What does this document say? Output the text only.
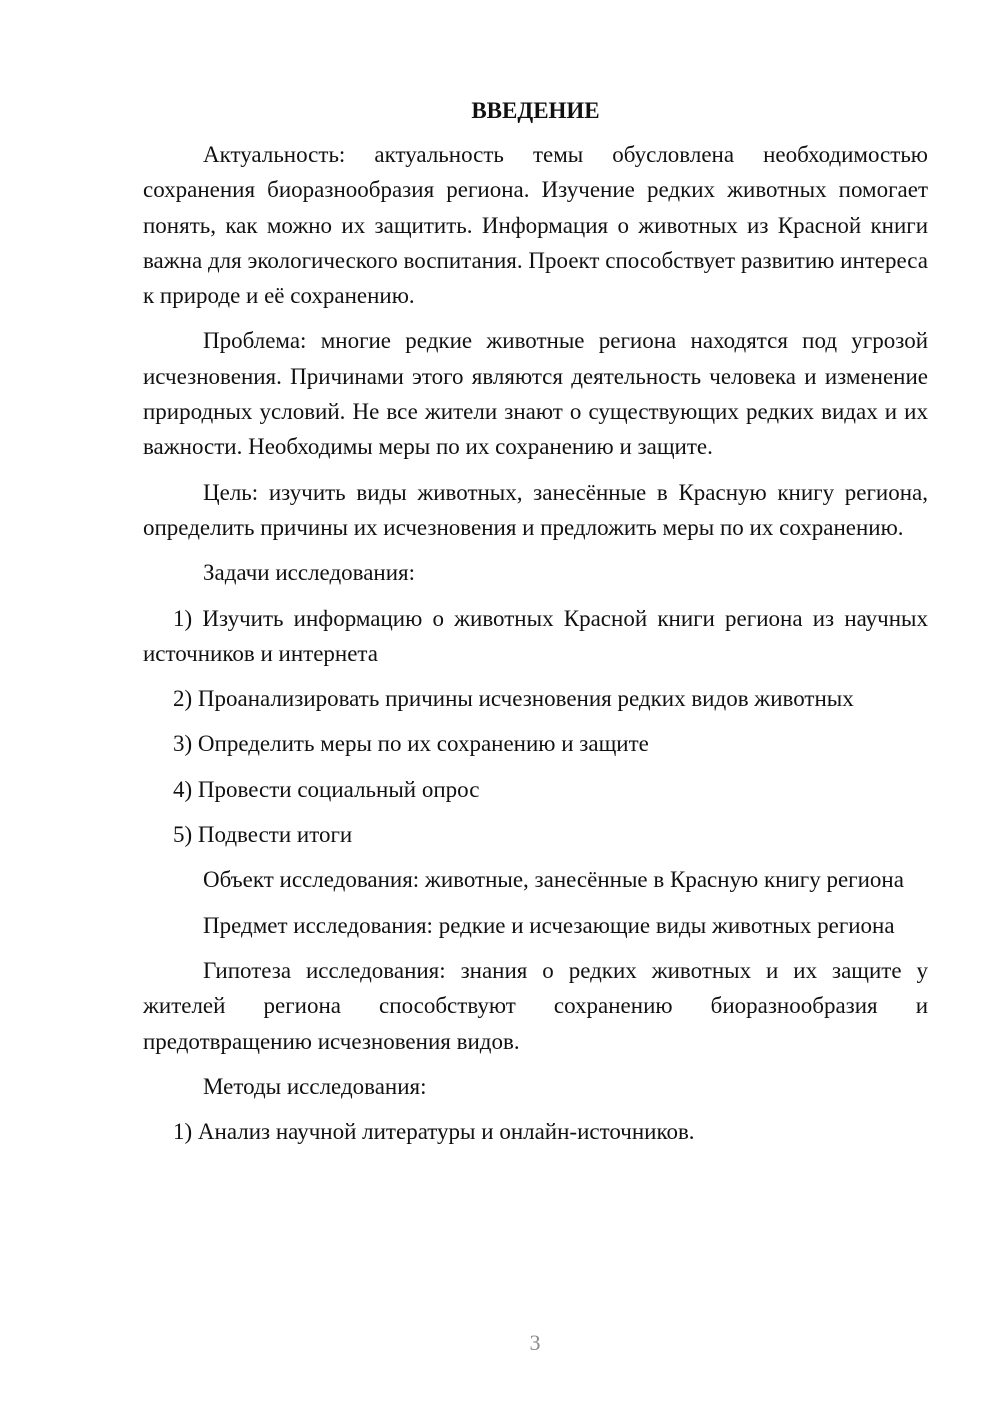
ВВЕДЕНИЕ

Актуальность: актуальность темы обусловлена необходимостью сохранения биоразнообразия региона. Изучение редких животных помогает понять, как можно их защитить. Информация о животных из Красной книги важна для экологического воспитания. Проект способствует развитию интереса к природе и её сохранению.

Проблема: многие редкие животные региона находятся под угрозой исчезновения. Причинами этого являются деятельность человека и изменение природных условий. Не все жители знают о существующих редких видах и их важности. Необходимы меры по их сохранению и защите.

Цель: изучить виды животных, занесённые в Красную книгу региона, определить причины их исчезновения и предложить меры по их сохранению.

Задачи исследования:

1) Изучить информацию о животных Красной книги региона из научных источников и интернета

2) Проанализировать причины исчезновения редких видов животных

3) Определить меры по их сохранению и защите

4) Провести социальный опрос

5) Подвести итоги

Объект исследования: животные, занесённые в Красную книгу региона

Предмет исследования: редкие и исчезающие виды животных региона

Гипотеза исследования: знания о редких животных и их защите у жителей региона способствуют сохранению биоразнообразия и предотвращению исчезновения видов.

Методы исследования:

1) Анализ научной литературы и онлайн-источников.

3
